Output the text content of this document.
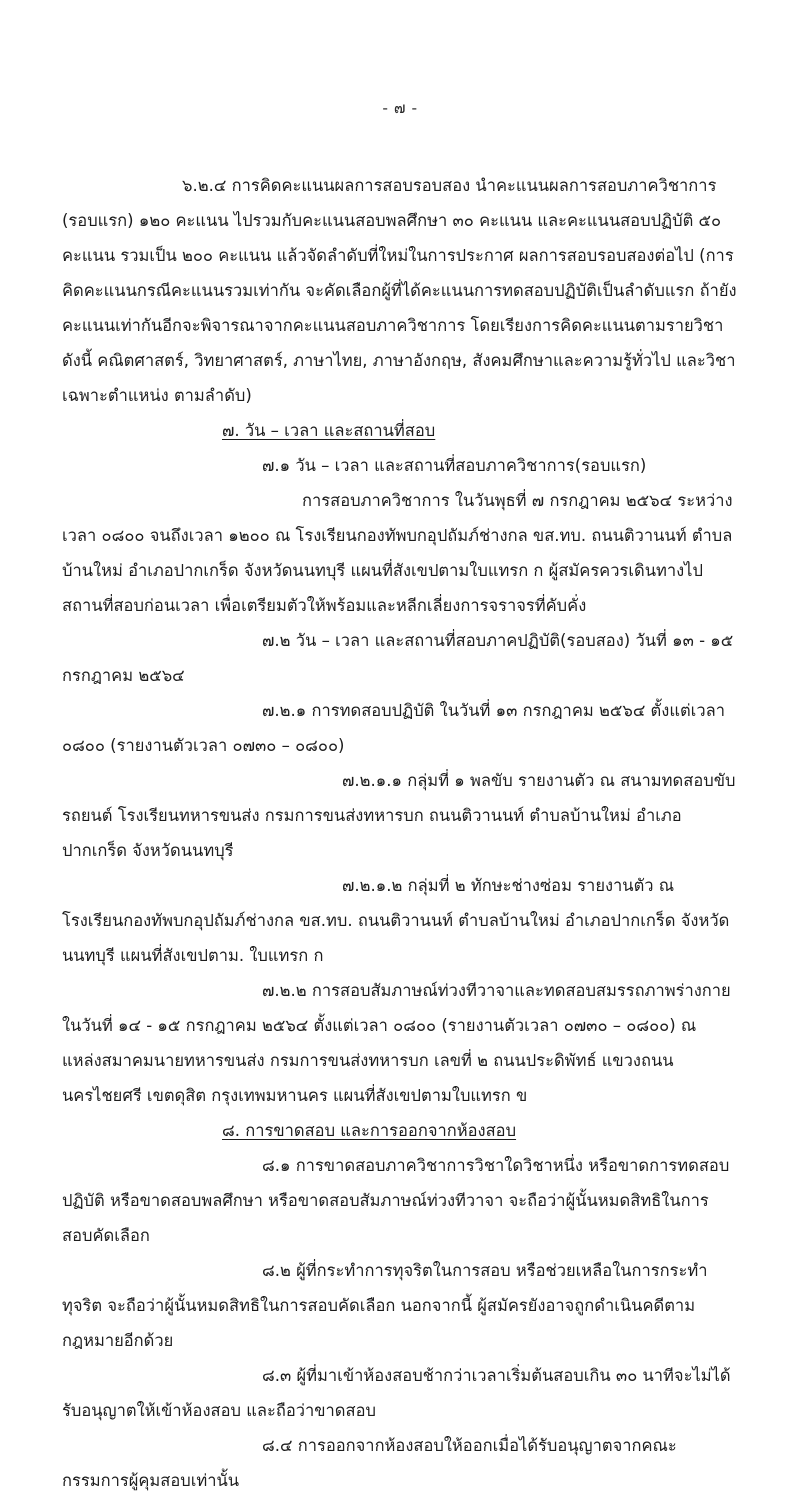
- ๗ -

๖.๒.๔ การคิดคะแนนผลการสอบรอบสอง นำคะแนนผลการสอบภาควิชาการ (รอบแรก) ๑๒๐ คะแนน ไปรวมกับคะแนนสอบพลศึกษา ๓๐ คะแนน และคะแนนสอบปฏิบัติ ๕๐ คะแนน รวมเป็น ๒๐๐ คะแนน แล้วจัดลำดับที่ใหม่ในการประกาศ ผลการสอบรอบสองต่อไป (การคิดคะแนนกรณีคะแนนรวมเท่ากัน จะคัดเลือกผู้ที่ได้คะแนนการทดสอบปฏิบัติเป็นลำดับแรก ถ้ายังคะแนนเท่ากันอีกจะพิจารณาจากคะแนนสอบภาควิชาการ โดยเรียงการคิดคะแนนตามรายวิชาดังนี้ คณิตศาสตร์, วิทยาศาสตร์, ภาษาไทย, ภาษาอังกฤษ, สังคมศึกษาและความรู้ทั่วไป และวิชาเฉพาะตำแหน่ง ตามลำดับ)

๗. วัน – เวลา และสถานที่สอบ

๗.๑ วัน – เวลา และสถานที่สอบภาควิชาการ(รอบแรก)

การสอบภาควิชาการ ในวันพุธที่ ๗ กรกฎาคม ๒๕๖๔ ระหว่างเวลา ๐๘๐๐ จนถึงเวลา ๑๒๐๐ ณ โรงเรียนกองทัพบกอุปถัมภ์ช่างกล ขส.ทบ. ถนนติวานนท์ ตำบลบ้านใหม่ อำเภอปากเกร็ด จังหวัดนนทบุรี แผนที่สังเขปตามใบแทรก ก ผู้สมัครควรเดินทางไปสถานที่สอบก่อนเวลา เพื่อเตรียมตัวให้พร้อมและหลีกเลี่ยงการจราจรที่คับคั่ง

๗.๒ วัน – เวลา และสถานที่สอบภาคปฏิบัติ(รอบสอง) วันที่ ๑๓ - ๑๕ กรกฎาคม ๒๕๖๔

๗.๒.๑ การทดสอบปฏิบัติ ในวันที่ ๑๓ กรกฎาคม ๒๕๖๔ ตั้งแต่เวลา ๐๘๐๐ (รายงานตัวเวลา ๐๗๓๐ – ๐๘๐๐)

๗.๒.๑.๑ กลุ่มที่ ๑ พลขับ รายงานตัว ณ สนามทดสอบขับรถยนต์ โรงเรียนทหารขนส่ง กรมการขนส่งทหารบก ถนนติวานนท์ ตำบลบ้านใหม่ อำเภอปากเกร็ด จังหวัดนนทบุรี

๗.๒.๑.๒ กลุ่มที่ ๒ ทักษะช่างซ่อม รายงานตัว ณ โรงเรียนกองทัพบกอุปถัมภ์ช่างกล ขส.ทบ. ถนนติวานนท์ ตำบลบ้านใหม่ อำเภอปากเกร็ด จังหวัดนนทบุรี แผนที่สังเขปตาม. ใบแทรก ก

๗.๒.๒ การสอบสัมภาษณ์ท่วงทีวาจาและทดสอบสมรรถภาพร่างกาย ในวันที่ ๑๔ - ๑๕ กรกฎาคม ๒๕๖๔ ตั้งแต่เวลา ๐๘๐๐ (รายงานตัวเวลา ๐๗๓๐ – ๐๘๐๐) ณ แหล่งสมาคมนายทหารขนส่ง กรมการขนส่งทหารบก เลขที่ ๒ ถนนประดิพัทธ์ แขวงถนนนครไชยศรี เขตดุสิต กรุงเทพมหานคร แผนที่สังเขปตามใบแทรก ข

๘. การขาดสอบ และการออกจากห้องสอบ

๘.๑ การขาดสอบภาควิชาการวิชาใดวิชาหนึ่ง หรือขาดการทดสอบปฏิบัติ หรือขาดสอบพลศึกษา หรือขาดสอบสัมภาษณ์ท่วงทีวาจา จะถือว่าผู้นั้นหมดสิทธิในการสอบคัดเลือก

๘.๒ ผู้ที่กระทำการทุจริตในการสอบ หรือช่วยเหลือในการกระทำทุจริต จะถือว่าผู้นั้นหมดสิทธิในการสอบคัดเลือก นอกจากนี้ ผู้สมัครยังอาจถูกดำเนินคดีตามกฎหมายอีกด้วย

๘.๓ ผู้ที่มาเข้าห้องสอบช้ากว่าเวลาเริ่มต้นสอบเกิน ๓๐ นาทีจะไม่ได้รับอนุญาตให้เข้าห้องสอบ และถือว่าขาดสอบ

๘.๔ การออกจากห้องสอบให้ออกเมื่อได้รับอนุญาตจากคณะกรรมการผู้คุมสอบเท่านั้น
